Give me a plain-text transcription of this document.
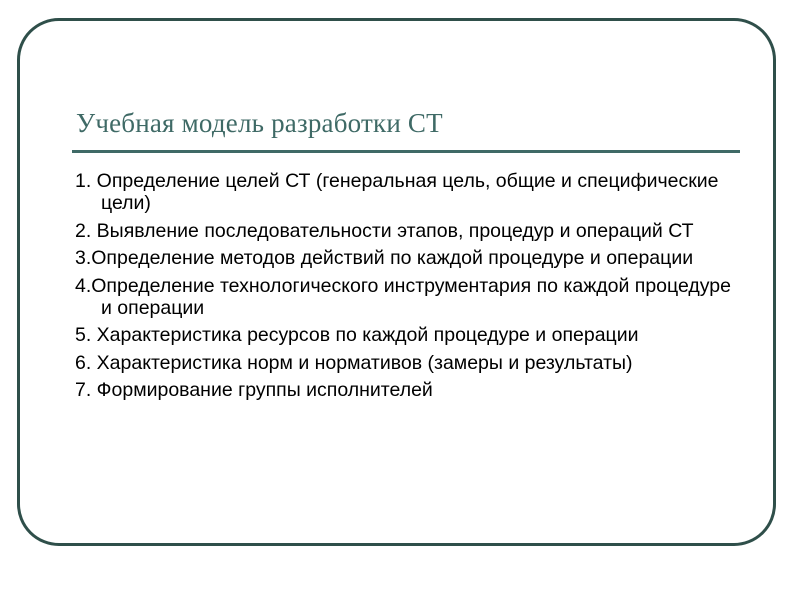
Учебная модель разработки СТ
1. Определение целей СТ (генеральная цель, общие и специфические цели)
2. Выявление последовательности этапов, процедур и операций СТ
3.Определение методов действий по каждой процедуре и операции
4.Определение технологического инструментария по каждой процедуре и операции
5. Характеристика ресурсов по каждой процедуре и операции
6. Характеристика норм и нормативов (замеры и результаты)
7. Формирование группы исполнителей
